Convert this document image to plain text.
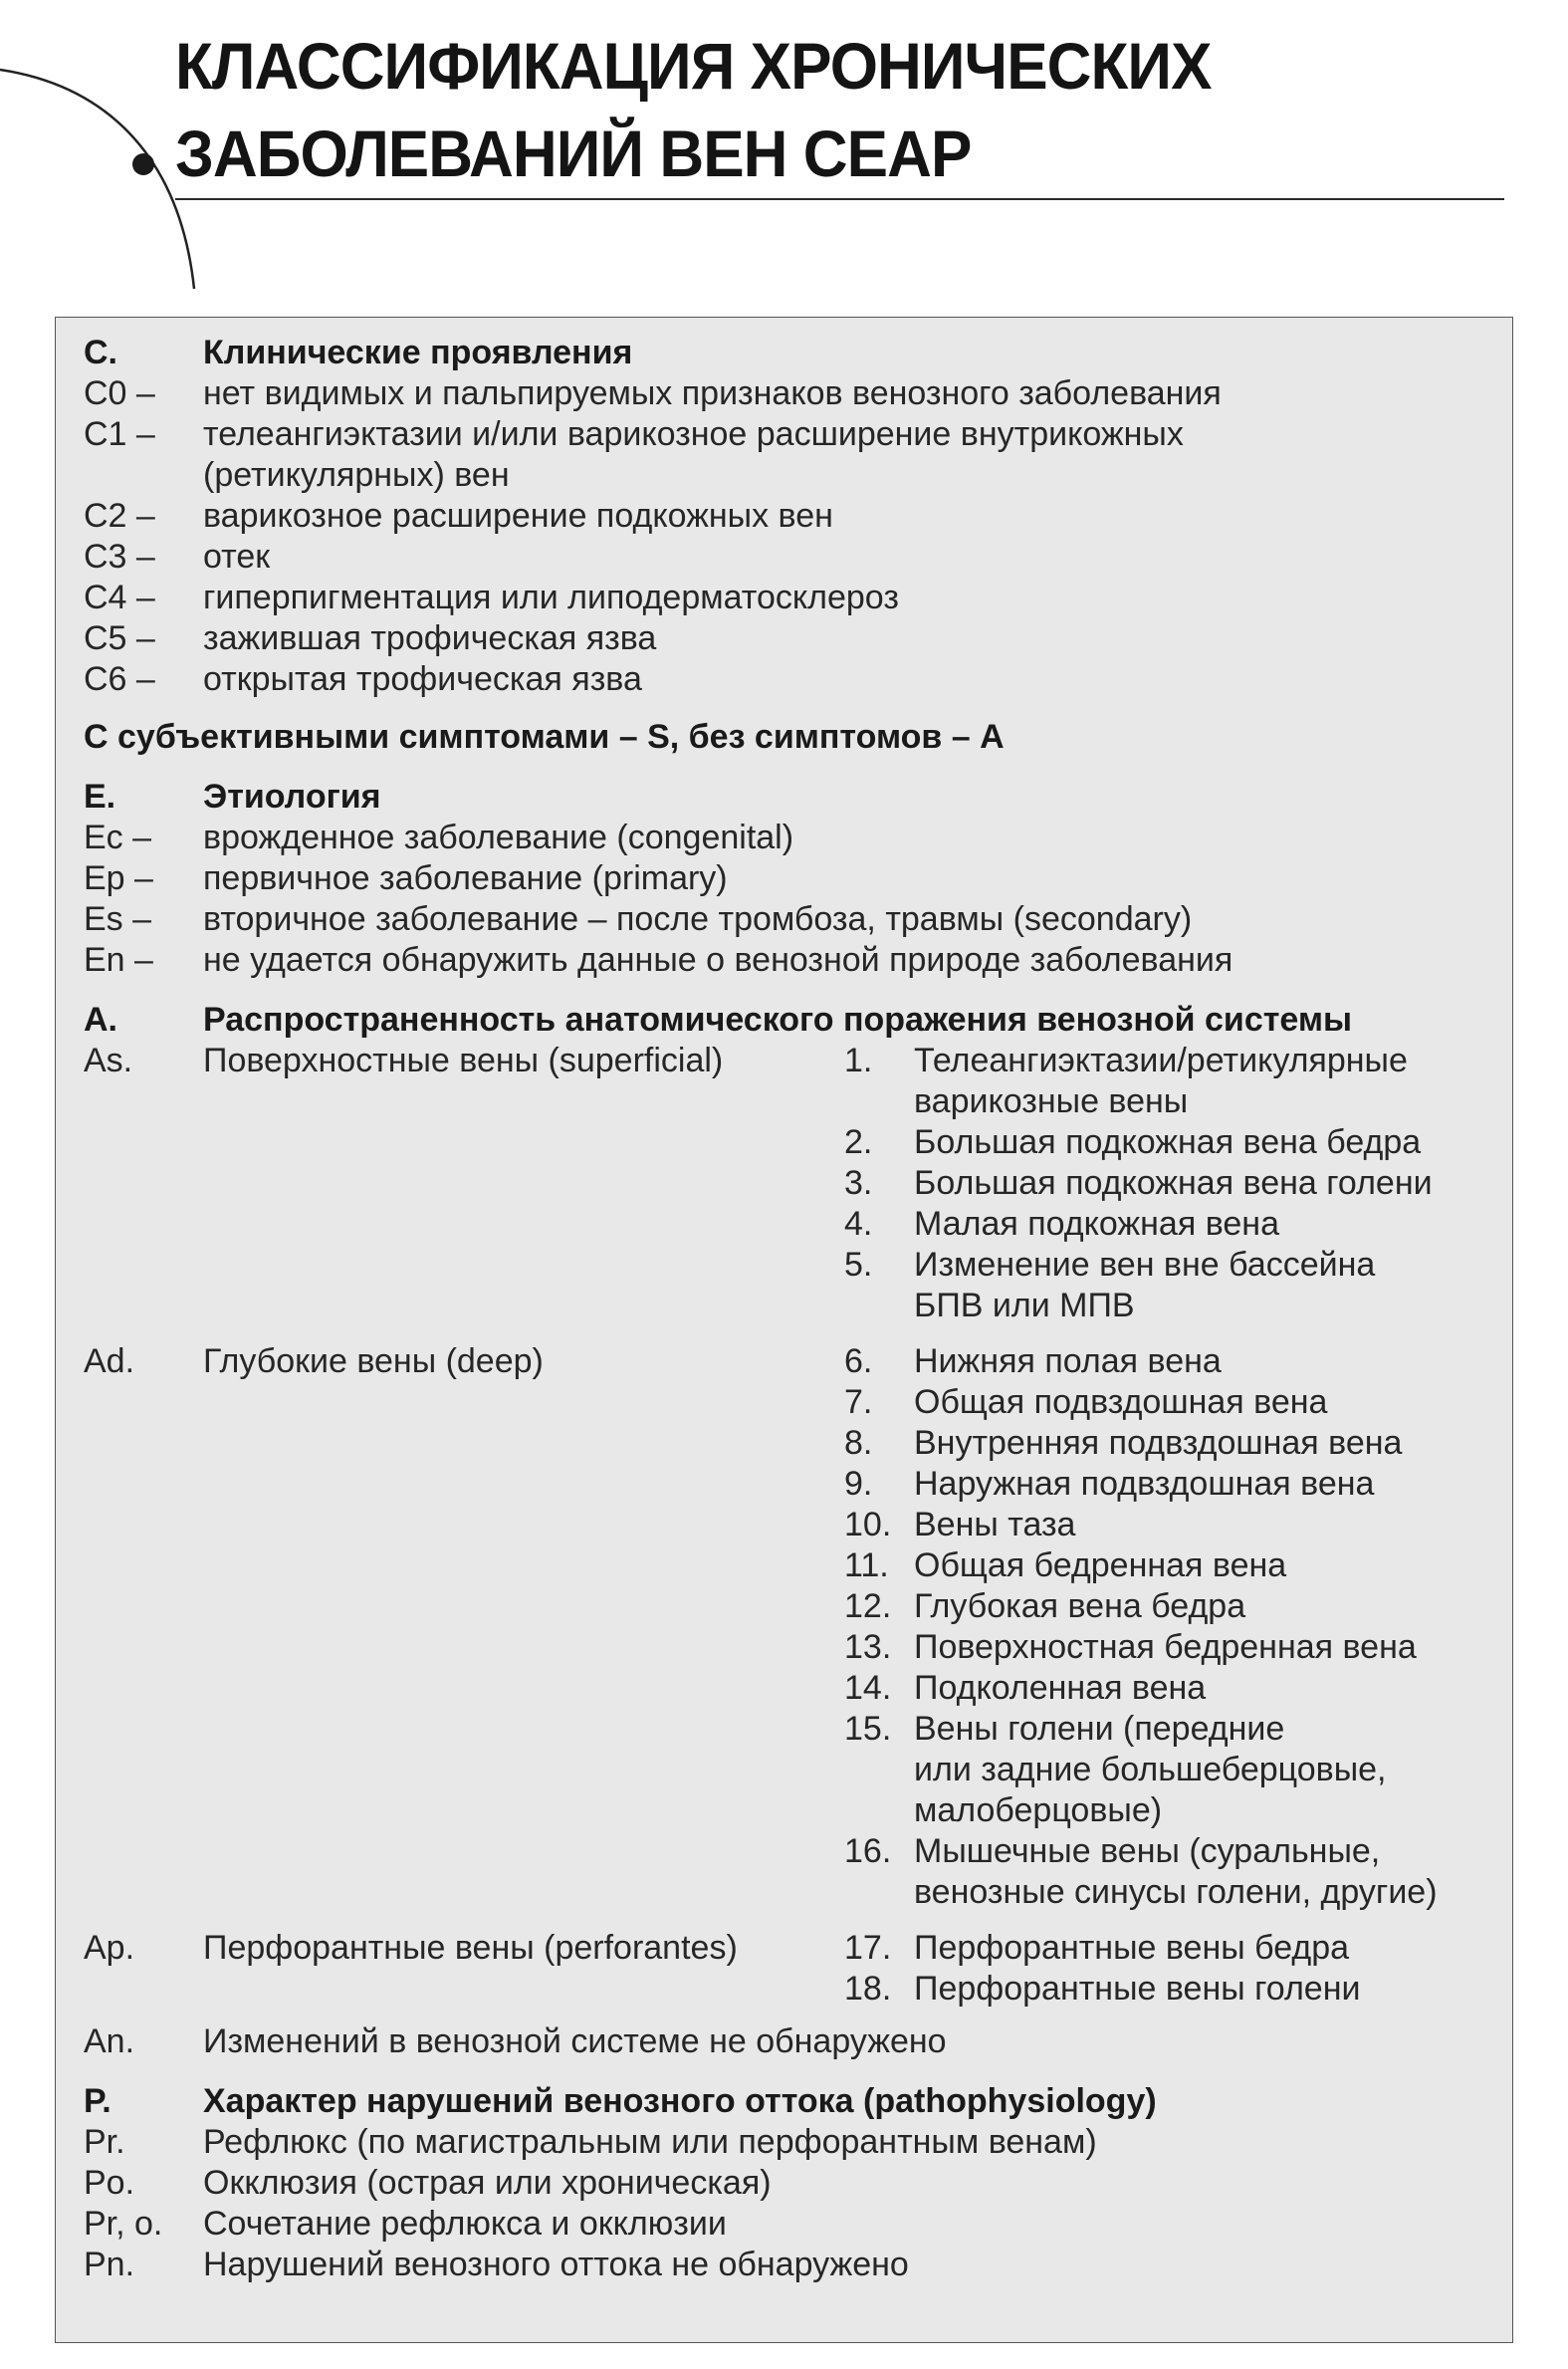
КЛАССИФИКАЦИЯ ХРОНИЧЕСКИХ
ЗАБОЛЕВАНИЙ ВЕН CEAP
C.	Клинические проявления
C0 – нет видимых и пальпируемых признаков венозного заболевания
C1 – телеангиэктазии и/или варикозное расширение внутрикожных
(ретикулярных) вен
C2 – варикозное расширение подкожных вен
C3 – отек
C4 – гиперпигментация или липодерматосклероз
C5 – зажившая трофическая язва
C6 – открытая трофическая язва
С субъективными симптомами – S, без симптомов – A
E.	Этиология
Ec – врожденное заболевание (congenital)
Ep – первичное заболевание (primary)
Es – вторичное заболевание – после тромбоза, травмы (secondary)
En – не удается обнаружить данные о венозной природе заболевания
A.	Распространенность анатомического поражения венозной системы
As. Поверхностные вены (superficial)	1.	Телеангиэктазии/ретикулярные
варикозные вены
2.	Большая подкожная вена бедра
3.	Большая подкожная вена голени
4.	Малая подкожная вена
5.	Изменение вен вне бассейна
БПВ или МПВ
Ad. Глубокие вены (deep)	6.	Нижняя полая вена
7.	Общая подвздошная вена
8.	Внутренняя подвздошная вена
9.	Наружная подвздошная вена
10. Вены таза
11. Общая бедренная вена
12. Глубокая вена бедра
13. Поверхностная бедренная вена
14. Подколенная вена
15. Вены голени (передние
или задние большеберцовые,
малоберцовые)
16. Мышечные вены (суральные,
венозные синусы голени, другие)
Ap. Перфорантные вены (perforantes)	17. Перфорантные вены бедра
18. Перфорантные вены голени
An. Изменений в венозной системе не обнаружено
P.	Характер нарушений венозного оттока (pathophysiology)
Pr. Рефлюкс (по магистральным или перфорантным венам)
Po. Окклюзия (острая или хроническая)
Pr, o. Сочетание рефлюкса и окклюзии
Pn. Нарушений венозного оттока не обнаружено
